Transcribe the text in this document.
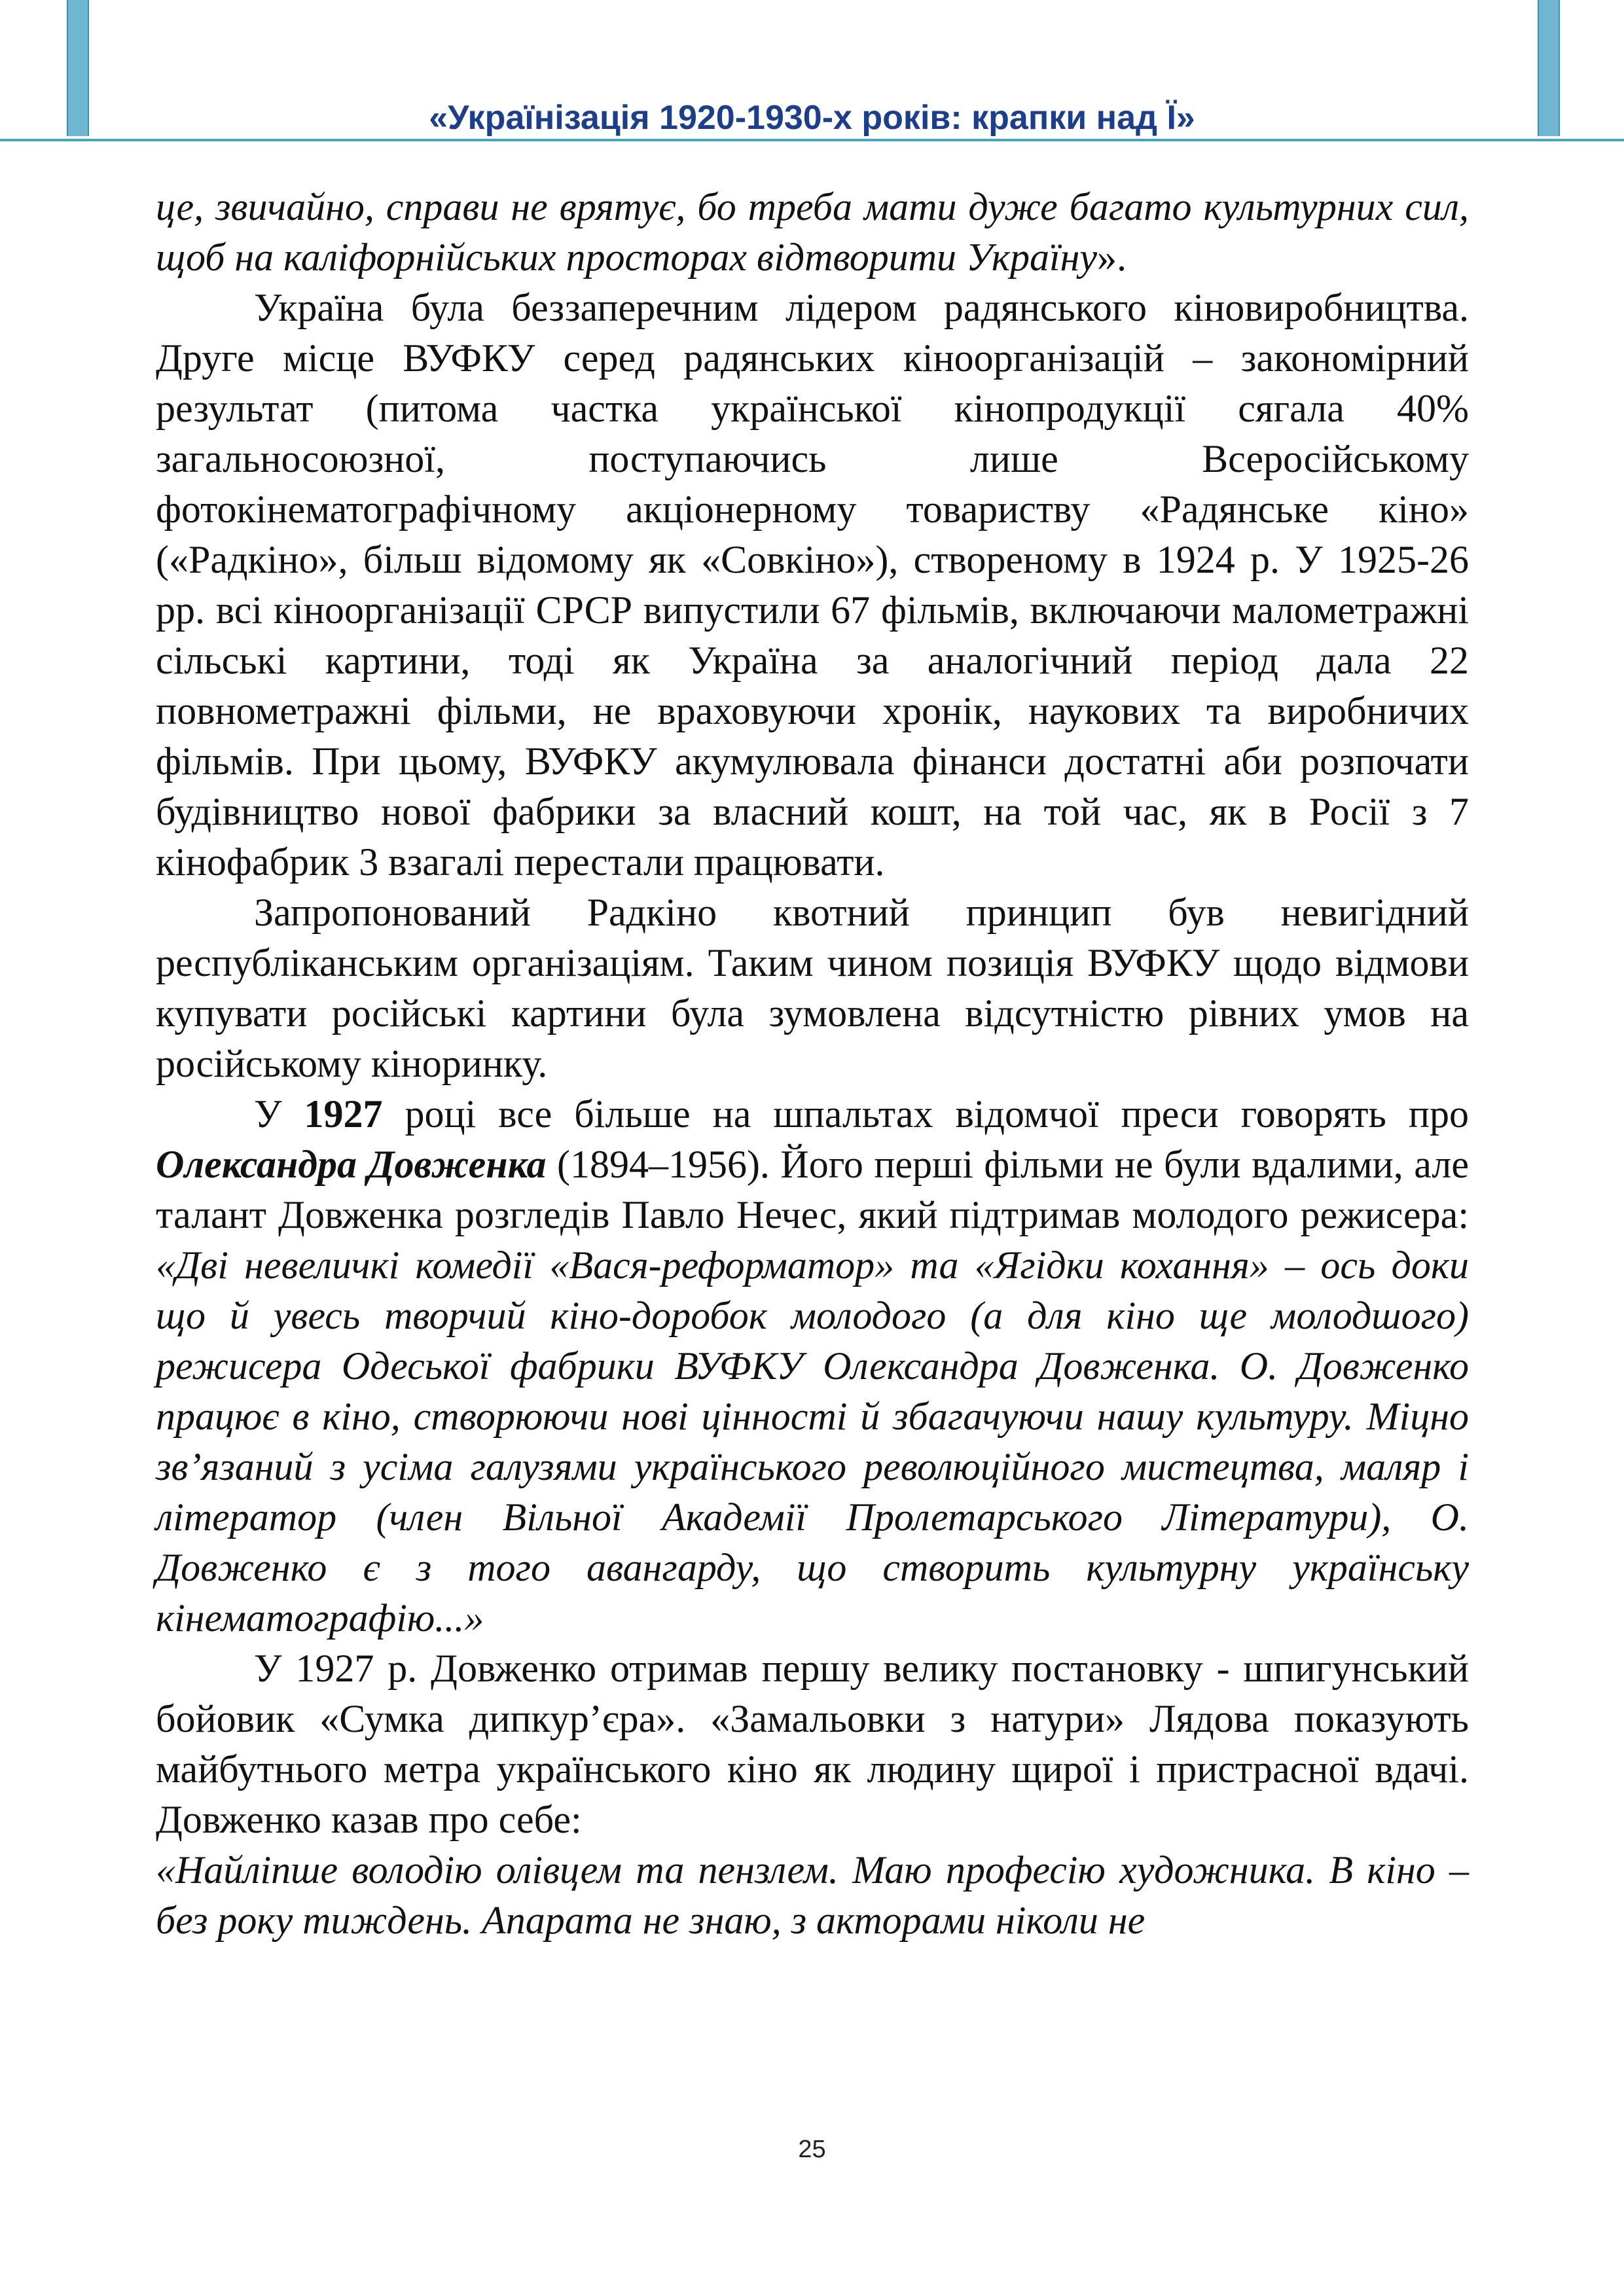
«Українізація 1920-1930-х років: крапки над Ї»

це, звичайно, справи не врятує, бо треба мати дуже багато культурних сил, щоб на каліфорнійських просторах відтворити Україну».

Україна була беззаперечним лідером радянського кіновиробництва. Друге місце ВУФКУ серед радянських кіноорганізацій – закономірний результат (питома частка української кінопродукції сягала 40% загальносоюзної, поступаючись лише Всеросійському фотокінематографічному акціонерному товариству «Радянське кіно» («Радкіно», більш відомому як «Совкіно»), створеному в 1924 р. У 1925-26 рр. всі кіноорганізації СРСР випустили 67 фільмів, включаючи малометражні сільські картини, тоді як Україна за аналогічний період дала 22 повнометражні фільми, не враховуючи хронік, наукових та виробничих фільмів. При цьому, ВУФКУ акумулювала фінанси достатні аби розпочати будівництво нової фабрики за власний кошт, на той час, як в Росії з 7 кінофабрик 3 взагалі перестали працювати.

Запропонований Радкіно квотний принцип був невигідний республіканським організаціям. Таким чином позиція ВУФКУ щодо відмови купувати російські картини була зумовлена відсутністю рівних умов на російському кіноринку.

У 1927 році все більше на шпальтах відомчої преси говорять про Олександра Довженка (1894–1956). Його перші фільми не були вдалими, але талант Довженка розгледів Павло Нечес, який підтримав молодого режисера: «Дві невеличкі комедії «Вася-реформатор» та «Ягідки кохання» – ось доки що й увесь творчий кіно-доробок молодого (а для кіно ще молодшого) режисера Одеської фабрики ВУФКУ Олександра Довженка. О. Довженко працює в кіно, створюючи нові цінності й збагачуючи нашу культуру. Міцно зв’язаний з усіма галузями українського революційного мистецтва, маляр і літератор (член Вільної Академії Пролетарського Літератури), О. Довженко є з того авангарду, що створить культурну українську кінематографію...»

У 1927 р. Довженко отримав першу велику постановку - шпигунський бойовик «Сумка дипкур’єра». «Замальовки з натури» Лядова показують майбутнього метра українського кіно як людину щирої і пристрасної вдачі. Довженко казав про себе:

«Найліпше володію олівцем та пензлем. Маю професію художника. В кіно – без року тиждень. Апарата не знаю, з акторами ніколи не

25
